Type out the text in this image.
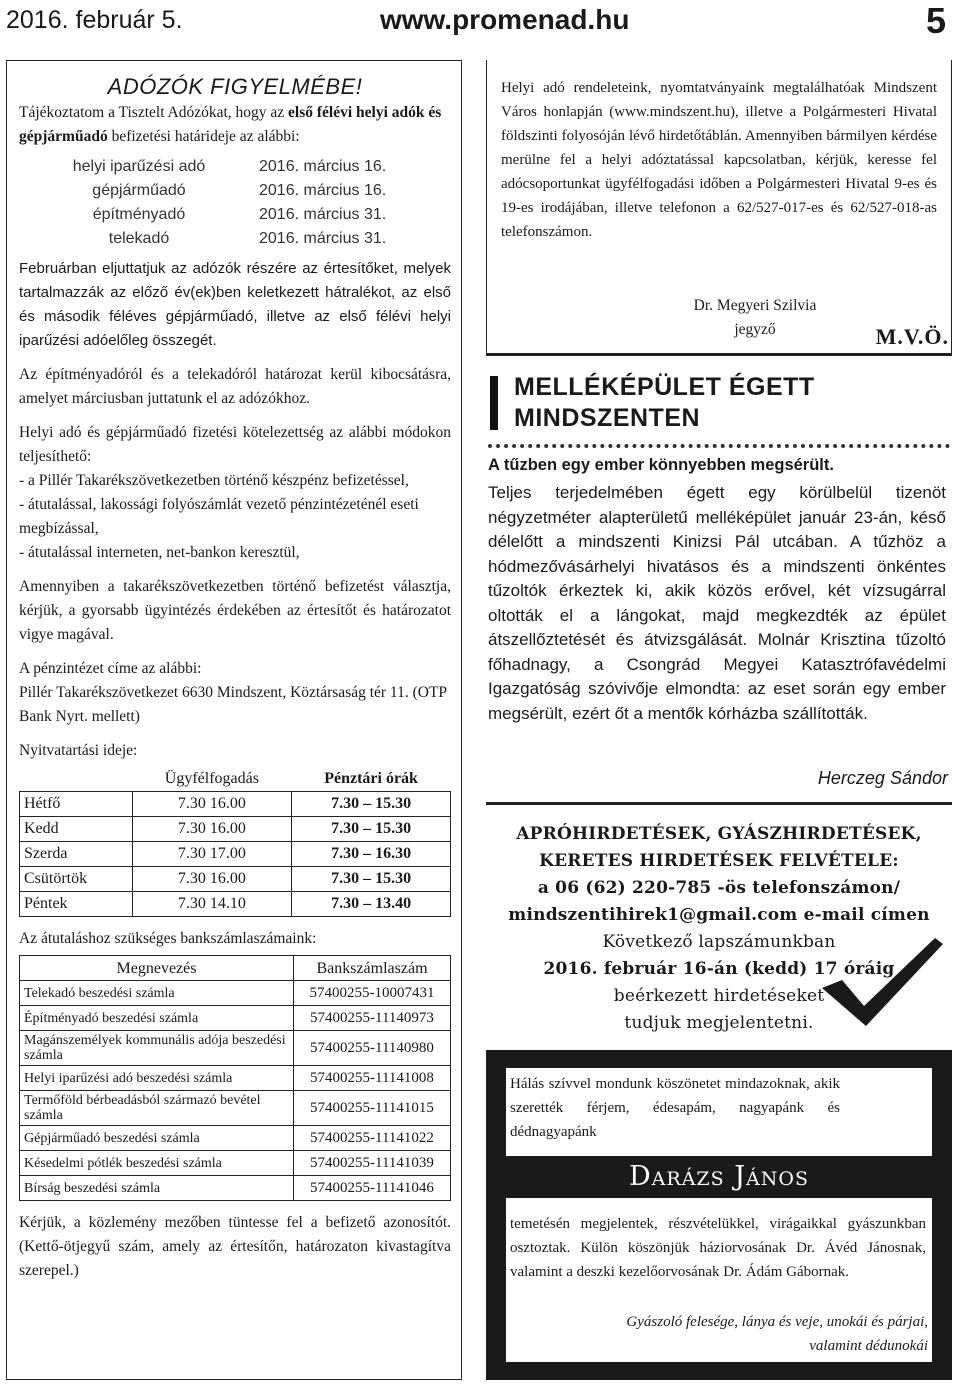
2016. február 5.	www.promenad.hu	5

ADÓZÓK FIGYELMÉBE!

Tájékoztatom a Tisztelt Adózókat, hogy az első félévi helyi adók és gépjárműadó befizetési határideje az alábbi:

helyi iparűzési adó	2016. március 16.
gépjárműadó	2016. március 16.
építményadó	2016. március 31.
telekadó	2016. március 31.

Februárban eljuttatjuk az adózók részére az értesítőket, melyek tartalmazzák az előző év(ek)ben keletkezett hátralékot, az első és második féléves gépjárműadó, illetve az első félévi helyi iparűzési adóelőleg összegét.

Az építményadóról és a telekadóról határozat kerül kibocsátásra, amelyet márciusban juttatunk el az adózókhoz.

Helyi adó és gépjárműadó fizetési kötelezettség az alábbi módokon teljesíthető:

- a Pillér Takarékszövetkezetben történő készpénz befizetéssel,

- átutalással, lakossági folyószámlát vezető pénzintézeténél eseti megbízással,

- átutalással interneten, net-bankon keresztül,

Amennyiben a takarékszövetkezetben történő befizetést választja, kérjük, a gyorsabb ügyintézés érdekében az értesítőt és határozatot vigye magával.

A pénzintézet címe az alábbi:

Pillér Takarékszövetkezet 6630 Mindszent, Köztársaság tér 11. (OTP Bank Nyrt. mellett)

Nyitvatartási ideje:

	Ügyfélfogadás	Pénztári órák
Hétfő	7.30 16.00	7.30 – 15.30
Kedd	7.30 16.00	7.30 – 15.30
Szerda	7.30 17.00	7.30 – 16.30
Csütörtök	7.30 16.00	7.30 – 15.30
Péntek	7.30 14.10	7.30 – 13.40

Az átutaláshoz szükséges bankszámlaszámaink:

Megnevezés	Bankszámlaszám
Telekadó beszedési számla	57400255-10007431
Építményadó beszedési számla	57400255-11140973
Magánszemélyek kommunális adója beszedési számla	57400255-11140980
Helyi iparűzési adó beszedési számla	57400255-11141008
Termőföld bérbeadásból származó bevétel számla	57400255-11141015
Gépjárműadó beszedési számla	57400255-11141022
Késedelmi pótlék beszedési számla	57400255-11141039
Bírság beszedési számla	57400255-11141046

Kérjük, a közlemény mezőben tüntesse fel a befizető azonosítót. (Kettő-ötjegyű szám, amely az értesítőn, határozaton kivastagítva szerepel.)

Helyi adó rendeleteink, nyomtatványaink megtalálhatóak Mindszent Város honlapján (www.mindszent.hu), illetve a Polgármesteri Hivatal földszinti folyosóján lévő hirdetőtáblán. Amennyiben bármilyen kérdése merülne fel a helyi adóztatással kapcsolatban, kérjük, keresse fel adócsoportunkat ügyfélfogadási időben a Polgármesteri Hivatal 9-es és 19-es irodájában, illetve telefonon a 62/527-017-es és 62/527-018-as telefonszámon.
Dr. Megyeri Szilvia
jegyző	M.V.Ö.
MELLÉKÉPÜLET ÉGETT
MINDSZENTEN
A tűzben egy ember könnyebben megsérült.
Teljes terjedelmében égett egy körülbelül tizenöt négyzetméter alapterületű melléképület január 23-án, késő délelőtt a mindszenti Kinizsi Pál utcában. A tűzhöz a hódmezővásárhelyi hivatásos és a mindszenti önkéntes tűzoltók érkeztek ki, akik közös erővel, két vízsugárral oltották el a lángokat, majd megkezdték az épület átszellőztetését és átvizsgálását. Molnár Krisztina tűzoltó főhadnagy, a Csongrád Megyei Katasztrófavédelmi Igazgatóság szóvivője elmondta: az eset során egy ember megsérült, ezért őt a mentők kórházba szállították.
Herczeg Sándor
APRÓHIRDETÉSEK, GYÁSZHIRDETÉSEK,
KERETES HIRDETÉSEK FELVÉTELE:
a 06 (62) 220-785 -ös telefonszámon/
mindszentihirek1@gmail.com e-mail címen
Következő lapszámunkban
2016. február 16-án (kedd) 17 óráig
beérkezett hirdetéseket
tudjuk megjelentetni.
Hálás szívvel mondunk köszönetet mindazoknak, akik szerették férjem, édesapám, nagyapánk és dédnagyapánk
Darázs János
temetésén megjelentek, részvételükkel, virágaikkal gyászunkban osztoztak. Külön köszönjük háziorvosának Dr. Ávéd Jánosnak, valamint a deszki kezelőorvosának Dr. Ádám Gábornak.
Gyászoló felesége, lánya és veje, unokái és párjai,
valamint dédunokái
